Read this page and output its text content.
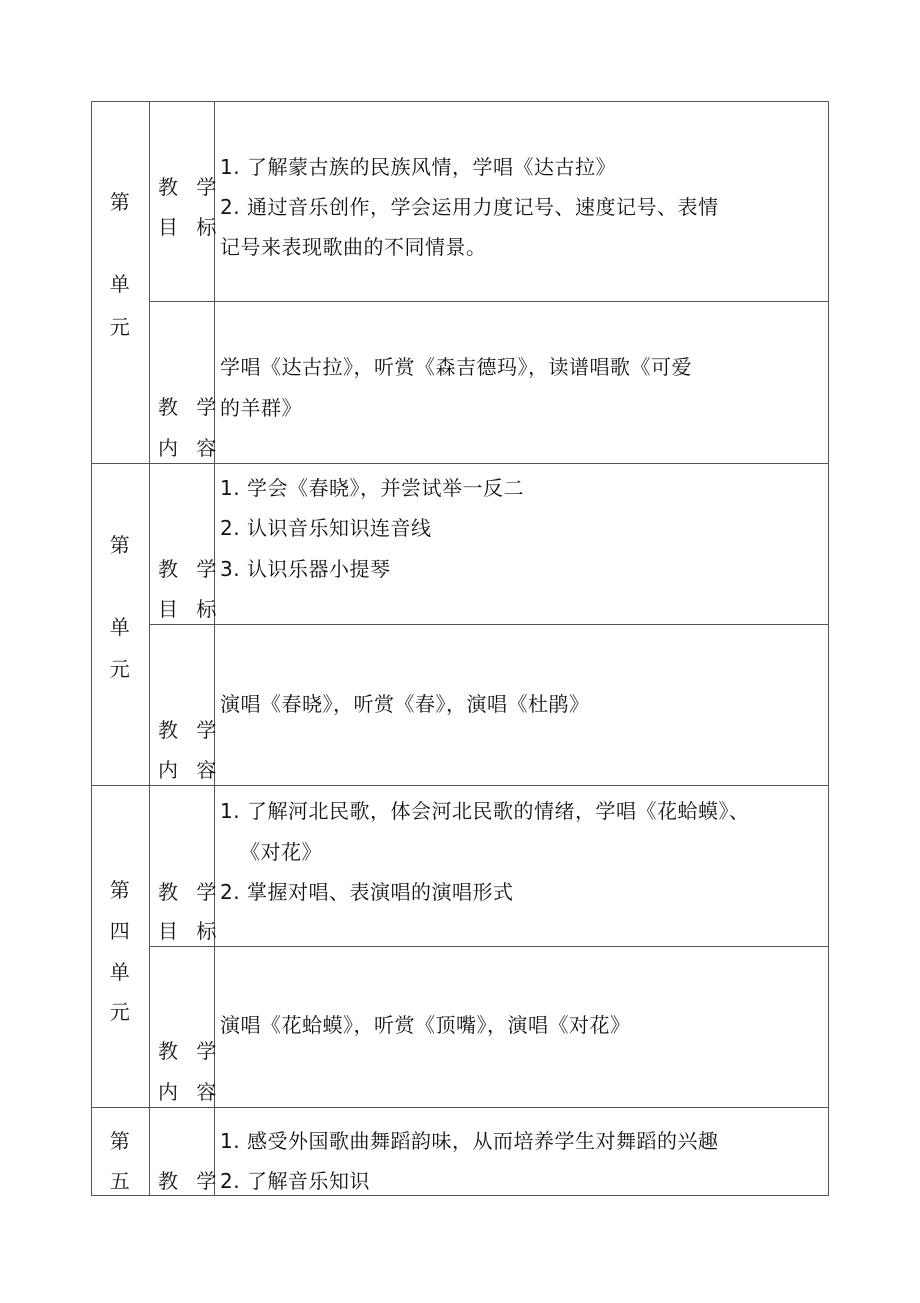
第
单
元
教 学
目 标
1. 了解蒙古族的民族风情，学唱《达古拉》
2. 通过音乐创作，学会运用力度记号、速度记号、表情
记号来表现歌曲的不同情景。
教 学
内 容
学唱《达古拉》，听赏《森吉德玛》，读谱唱歌《可爱
的羊群》
第
单
元
教 学
目 标
1. 学会《春晓》，并尝试举一反二
2. 认识音乐知识连音线
3. 认识乐器小提琴
教 学
内 容
演唱《春晓》，听赏《春》，演唱《杜鹃》
第
四
单
元
教 学
目 标
1. 了解河北民歌，体会河北民歌的情绪，学唱《花蛤蟆》、
《对花》
2. 掌握对唱、表演唱的演唱形式
教 学
内 容
演唱《花蛤蟆》，听赏《顶嘴》，演唱《对花》
第
五	教 学
1. 感受外国歌曲舞蹈韵味，从而培养学生对舞蹈的兴趣
2. 了解音乐知识
